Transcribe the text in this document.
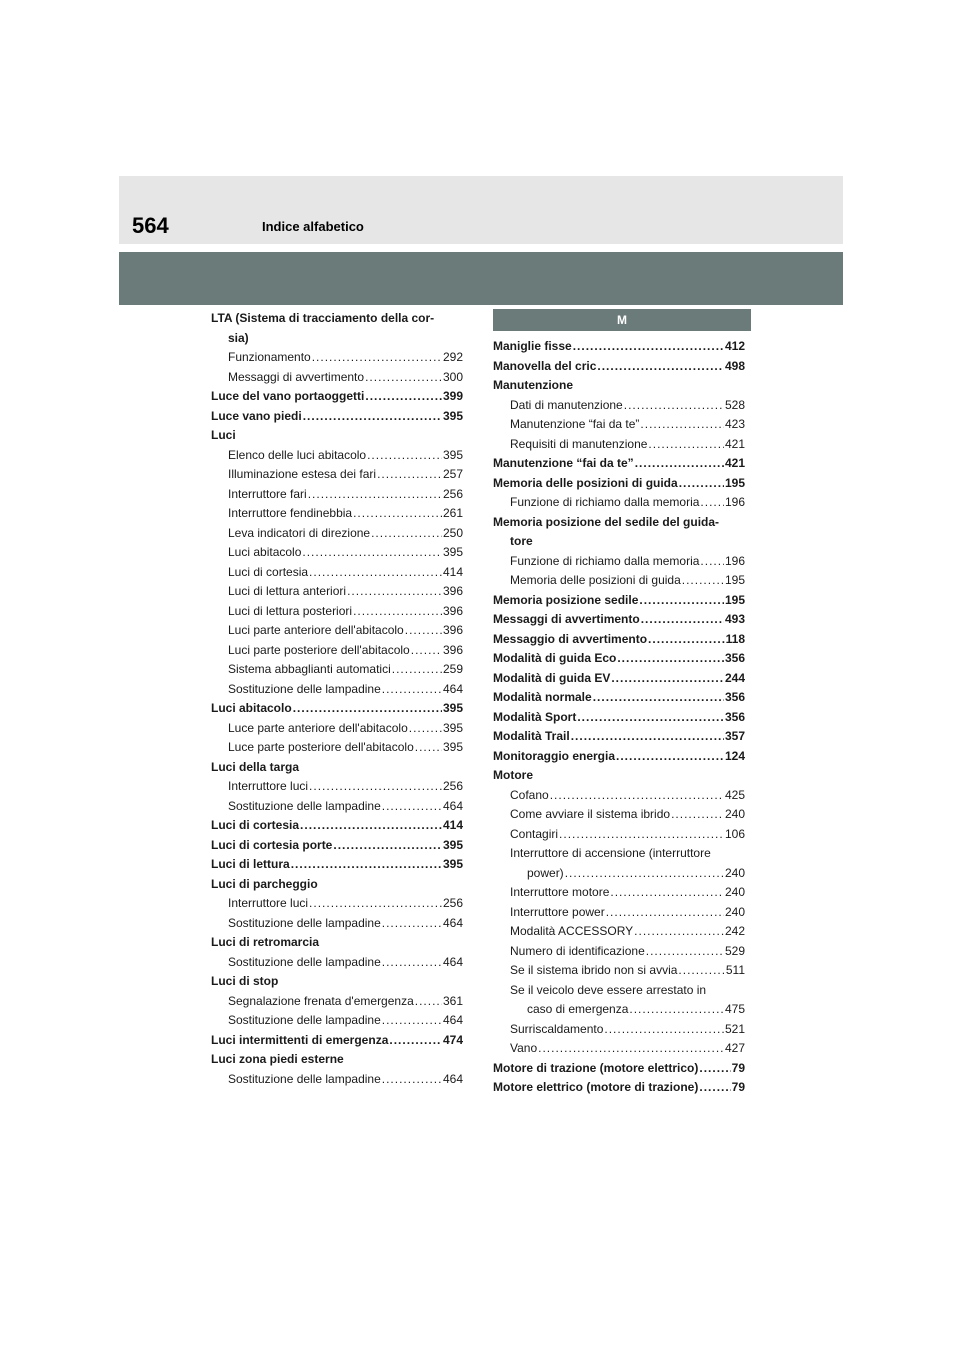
564	Indice alfabetico
LTA (Sistema di tracciamento della cor-
sia)
Funzionamento .....	292
Messaggi di avvertimento .....	300
Luce del vano portaoggetti .....	399
Luce vano piedi .....	395
Luci
Elenco delle luci abitacolo .....	395
Illuminazione estesa dei fari .....	257
Interruttore fari .....	256
Interruttore fendinebbia .....	261
Leva indicatori di direzione .....	250
Luci abitacolo .....	395
Luci di cortesia .....	414
Luci di lettura anteriori .....	396
Luci di lettura posteriori .....	396
Luci parte anteriore dell'abitacolo .....	396
Luci parte posteriore dell'abitacolo .....	396
Sistema abbaglianti automatici .....	259
Sostituzione delle lampadine .....	464
Luci abitacolo .....	395
Luce parte anteriore dell'abitacolo .....	395
Luce parte posteriore dell'abitacolo ..... 395
Luci della targa
Interruttore luci .....	256
Sostituzione delle lampadine .....	464
Luci di cortesia .....	414
Luci di cortesia porte .....	395
Luci di lettura .....	395
Luci di parcheggio
Interruttore luci .....	256
Sostituzione delle lampadine .....	464
Luci di retromarcia
Sostituzione delle lampadine .....	464
Luci di stop
Segnalazione frenata d'emergenza ..... 361
Sostituzione delle lampadine .....	464
Luci intermittenti di emergenza .....	474
Luci zona piedi esterne
Sostituzione delle lampadine .....	464
M
Maniglie fisse .....	412
Manovella del cric .....	498
Manutenzione
Dati di manutenzione .....	528
Manutenzione “fai da te” .....	423
Requisiti di manutenzione .....	421
Manutenzione “fai da te” .....	421
Memoria delle posizioni di guida .....	195
Funzione di richiamo dalla memoria ..... 196
Memoria posizione del sedile del guida-
tore
Funzione di richiamo dalla memoria ..... 196
Memoria delle posizioni di guida .....	195
Memoria posizione sedile .....	195
Messaggi di avvertimento .....	493
Messaggio di avvertimento .....	118
Modalità di guida Eco .....	356
Modalità di guida EV .....	244
Modalità normale .....	356
Modalità Sport .....	356
Modalità Trail .....	357
Monitoraggio energia .....	124
Motore
Cofano .....	425
Come avviare il sistema ibrido .....	240
Contagiri .....	106
Interruttore di accensione (interruttore
power) .....	240
Interruttore motore .....	240
Interruttore power .....	240
Modalità ACCESSORY .....	242
Numero di identificazione .....	529
Se il sistema ibrido non si avvia .....	511
Se il veicolo deve essere arrestato in
caso di emergenza .....	475
Surriscaldamento .....	521
Vano .....	427
Motore di trazione (motore elettrico) .....	79
Motore elettrico (motore di trazione) .....	79
